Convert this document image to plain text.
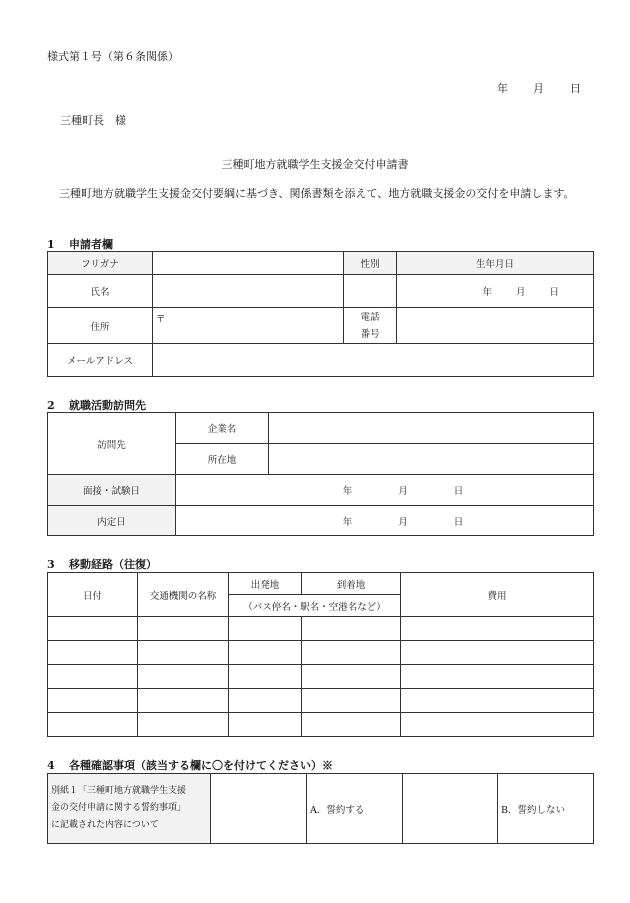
様式第１号（第６条関係）
年 月 日
三種町長　様
三種町地方就職学生支援金交付申請書
三種町地方就職学生支援金交付要綱に基づき、関係書類を添えて、地方就職支援金の交付を申請します。
1 申請者欄
フリガナ		性別	生年月日
氏名			年 月 日
住所	〒	電話
番号	

メールアドレス			
2 就職活動訪問先
訪問先	企業名	
	所在地	
面接・試験日	年 月 日	
内定日	年 月 日	
3 移動経路（往復）
日付	交通機関の名称	出発地	到着地	費用
		（バス停名・駅名・空港名など）		

4 各種確認事項（該当する欄に〇を付けてください）※
別紙１「三種町地方就職学生支援
金の交付申請に関する誓約事項」
に記載された内容について
		A．誓約する		B．誓約しない
